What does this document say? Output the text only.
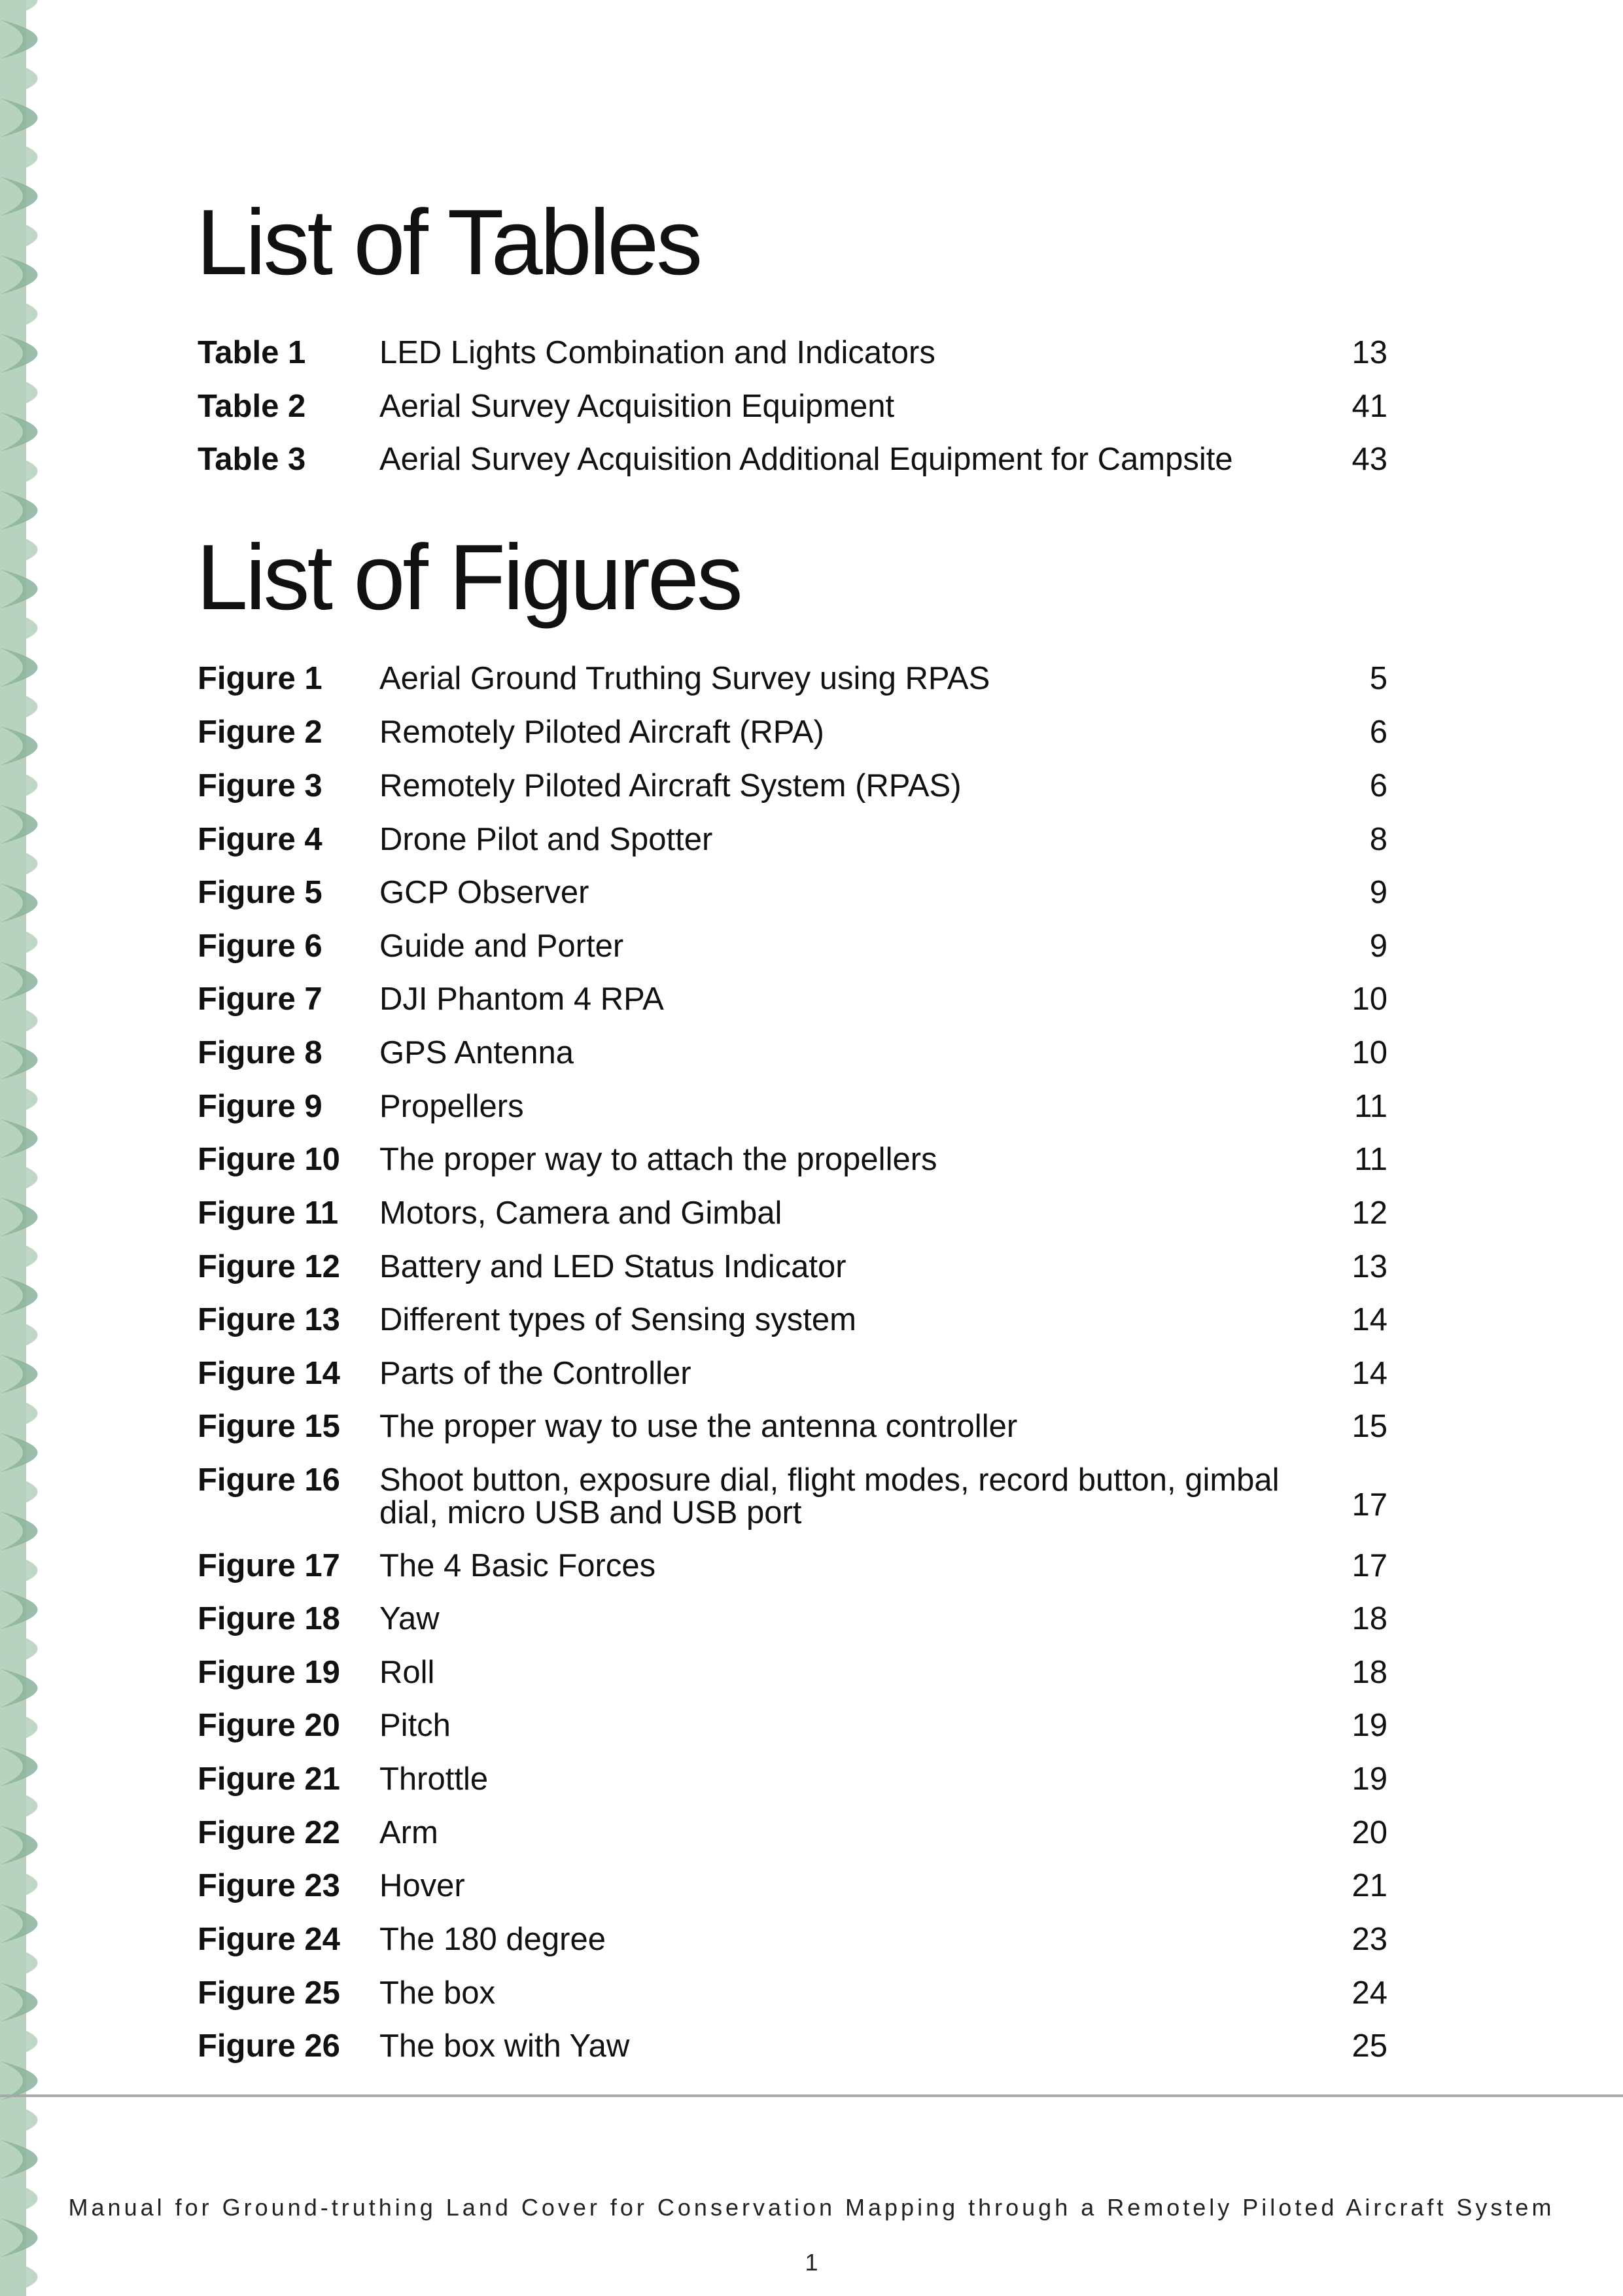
List of Tables
Table 1 LED Lights Combination and Indicators	13
Table 2 Aerial Survey Acquisition Equipment	41
Table 3 Aerial Survey Acquisition Additional Equipment for Campsite	43
List of Figures
Figure 1 Aerial Ground Truthing Survey using RPAS	5
Figure 2 Remotely Piloted Aircraft (RPA)	6
Figure 3 Remotely Piloted Aircraft System (RPAS)	6
Figure 4 Drone Pilot and Spotter	8
Figure 5 GCP Observer	9
Figure 6 Guide and Porter	9
Figure 7 DJI Phantom 4 RPA	10
Figure 8 GPS Antenna	10
Figure 9 Propellers	11
Figure 10 The proper way to attach the propellers	11
Figure 11 Motors, Camera and Gimbal	12
Figure 12 Battery and LED Status Indicator	13
Figure 13 Different types of Sensing system	14
Figure 14 Parts of the Controller	14
Figure 15 The proper way to use the antenna controller	15
Figure 16 Shoot button, exposure dial, flight modes, record button, gimbal dial, micro USB and USB port	17
Figure 17 The 4 Basic Forces	17
Figure 18 Yaw	18
Figure 19 Roll	18
Figure 20 Pitch	19
Figure 21 Throttle	19
Figure 22 Arm	20
Figure 23 Hover	21
Figure 24 The 180 degree	23
Figure 25 The box	24
Figure 26 The box with Yaw	25
Manual for Ground-truthing Land Cover for Conservation Mapping through a Remotely Piloted Aircraft System
1
